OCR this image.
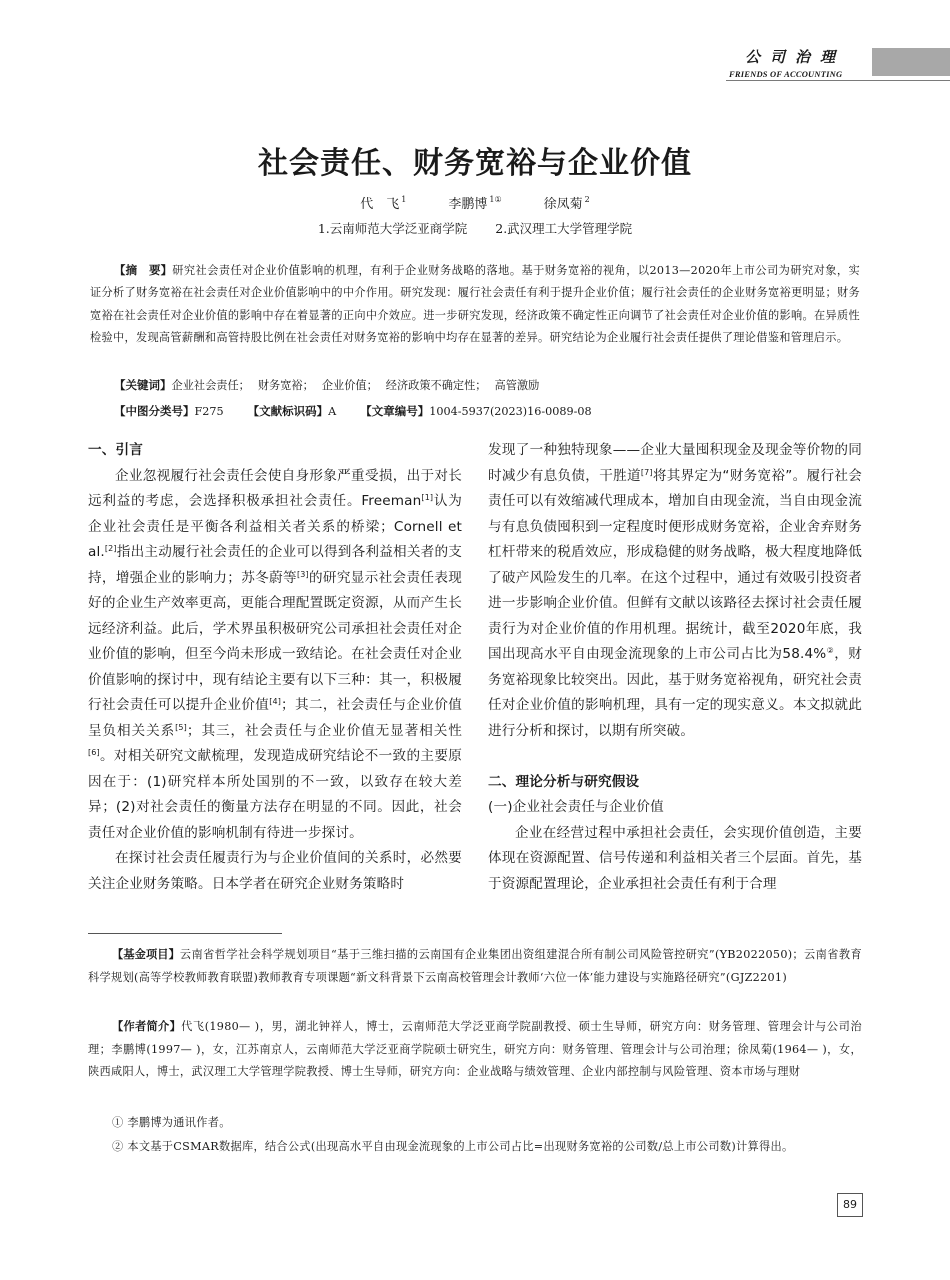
公司治理
FRIENDS OF ACCOUNTING
社会责任、财务宽裕与企业价值
代　飞 $^1$	李鹏博 $^{1①}$	徐凤菊 $^2$
1.云南师范大学泛亚商学院 2.武汉理工大学管理学院

【摘　要】研究社会责任对企业价值影响的机理，有利于企业财务战略的落地。基于财务宽裕的视角，以2013—2020年上市公司为研究对象，实证分析了财务宽裕在社会责任对企业价值影响中的中介作用。研究发现：履行社会责任有利于提升企业价值；履行社会责任的企业财务宽裕更明显；财务宽裕在社会责任对企业价值的影响中存在着显著的正向中介效应。进一步研究发现，经济政策不确定性正向调节了社会责任对企业价值的影响。在异质性检验中，发现高管薪酬和高管持股比例在社会责任对财务宽裕的影响中均存在显著的差异。研究结论为企业履行社会责任提供了理论借鉴和管理启示。

【关键词】企业社会责任 ； 财务宽裕 ； 企业价值 ； 经济政策不确定性 ； 高管激励
【中图分类号】F275 【文献标识码】A 【文章编号】1004-5937(2023)16-0089-08
一、引言

企业忽视履行社会责任会使自身形象严重受损，出于对长远利益的考虑，会选择积极承担社会责任。Freeman[1]认为企业社会责任是平衡各利益相关者关系的桥梁；Cornell et al.[2]指出主动履行社会责任的企业可以得到各利益相关者的支持，增强企业的影响力；苏冬蔚等[3]的研究显示社会责任表现好的企业生产效率更高，更能合理配置既定资源，从而产生长远经济利益。此后，学术界虽积极研究公司承担社会责任对企业价值的影响，但至今尚未形成一致结论。在社会责任对企业价值影响的探讨中，现有结论主要有以下三种：其一，积极履行社会责任可以提升企业价值[4]；其二，社会责任与企业价值呈负相关关系[5]；其三，社会责任与企业价值无显著相关性[6]。对相关研究文献梳理，发现造成研究结论不一致的主要原因在于：(1)研究样本所处国别的不一致，以致存在较大差异；(2)对社会责任的衡量方法存在明显的不同。因此，社会责任对企业价值的影响机制有待进一步探讨。

在探讨社会责任履责行为与企业价值间的关系时，必然要关注企业财务策略。日本学者在研究企业财务策略时

发现了一种独特现象——企业大量囤积现金及现金等价物的同时减少有息负债，干胜道[7]将其界定为“财务宽裕”。履行社会责任可以有效缩减代理成本，增加自由现金流，当自由现金流与有息负债囤积到一定程度时便形成财务宽裕，企业舍弃财务杠杆带来的税盾效应，形成稳健的财务战略，极大程度地降低了破产风险发生的几率。在这个过程中，通过有效吸引投资者进一步影响企业价值。但鲜有文献以该路径去探讨社会责任履责行为对企业价值的作用机理。据统计，截至2020年底，我国出现高水平自由现金流现象的上市公司占比为58.4%②，财务宽裕现象比较突出。因此，基于财务宽裕视角，研究社会责任对企业价值的影响机理，具有一定的现实意义。本文拟就此进行分析和探讨，以期有所突破。

二、理论分析与研究假设
(一)企业社会责任与企业价值

企业在经营过程中承担社会责任，会实现价值创造，主要体现在资源配置、信号传递和利益相关者三个层面。首先，基于资源配置理论，企业承担社会责任有利于合理

【基金项目】云南省哲学社会科学规划项目“基于三维扫描的云南国有企业集团出资组建混合所有制公司风险管控研究”(YB2022050)；云南省教育科学规划(高等学校教师教育联盟)教师教育专项课题“新文科背景下云南高校管理会计教师‘六位一体’能力建设与实施路径研究”(GJZ2201)
【作者简介】代飞(1980— )，男，湖北钟祥人，博士，云南师范大学泛亚商学院副教授、硕士生导师，研究方向：财务管理、管理会计与公司治理；李鹏博(1997— )，女，江苏南京人，云南师范大学泛亚商学院硕士研究生，研究方向：财务管理、管理会计与公司治理；徐凤菊(1964— )，女，陕西咸阳人，博士，武汉理工大学管理学院教授、博士生导师，研究方向：企业战略与绩效管理、企业内部控制与风险管理、资本市场与理财
① 李鹏博为通讯作者。
② 本文基于CSMAR数据库，结合公式(出现高水平自由现金流现象的上市公司占比=出现财务宽裕的公司数/总上市公司数)计算得出。
89
